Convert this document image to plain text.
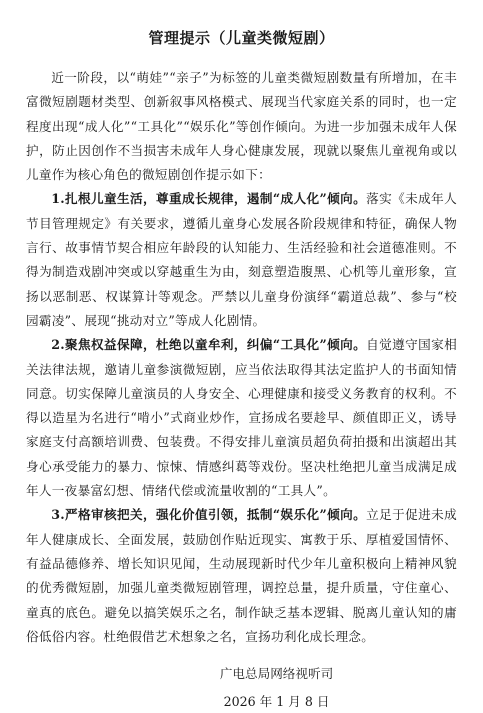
管理提示（儿童类微短剧）

近一阶段，以“萌娃”“亲子”为标签的儿童类微短剧数量有所增加，在丰富微短剧题材类型、创新叙事风格模式、展现当代家庭关系的同时，也一定程度出现“成人化”“工具化”“娱乐化”等创作倾向。为进一步加强未成年人保护，防止因创作不当损害未成年人身心健康发展，现就以聚焦儿童视角或以儿童作为核心角色的微短剧创作提示如下：

1.扎根儿童生活，尊重成长规律，遏制“成人化”倾向。落实《未成年人节目管理规定》有关要求，遵循儿童身心发展各阶段规律和特征，确保人物言行、故事情节契合相应年龄段的认知能力、生活经验和社会道德准则。不得为制造戏剧冲突或以穿越重生为由，刻意塑造腹黑、心机等儿童形象，宣扬以恶制恶、权谋算计等观念。严禁以儿童身份演绎“霸道总裁”、参与“校园霸凌”、展现“挑动对立”等成人化剧情。

2.聚焦权益保障，杜绝以童牟利，纠偏“工具化”倾向。自觉遵守国家相关法律法规，邀请儿童参演微短剧，应当依法取得其法定监护人的书面知情同意。切实保障儿童演员的人身安全、心理健康和接受义务教育的权利。不得以造星为名进行“啃小”式商业炒作，宣扬成名要趁早、颜值即正义，诱导家庭支付高额培训费、包装费。不得安排儿童演员超负荷拍摄和出演超出其身心承受能力的暴力、惊悚、情感纠葛等戏份。坚决杜绝把儿童当成满足成年人一夜暴富幻想、情绪代偿或流量收割的“工具人”。

3.严格审核把关，强化价值引领，抵制“娱乐化”倾向。立足于促进未成年人健康成长、全面发展，鼓励创作贴近现实、寓教于乐、厚植爱国情怀、有益品德修养、增长知识见闻，生动展现新时代少年儿童积极向上精神风貌的优秀微短剧，加强儿童类微短剧管理，调控总量，提升质量，守住童心、童真的底色。避免以搞笑娱乐之名，制作缺乏基本逻辑、脱离儿童认知的庸俗低俗内容。杜绝假借艺术想象之名，宣扬功利化成长理念。

广电总局网络视听司
2026 年 1 月 8 日
